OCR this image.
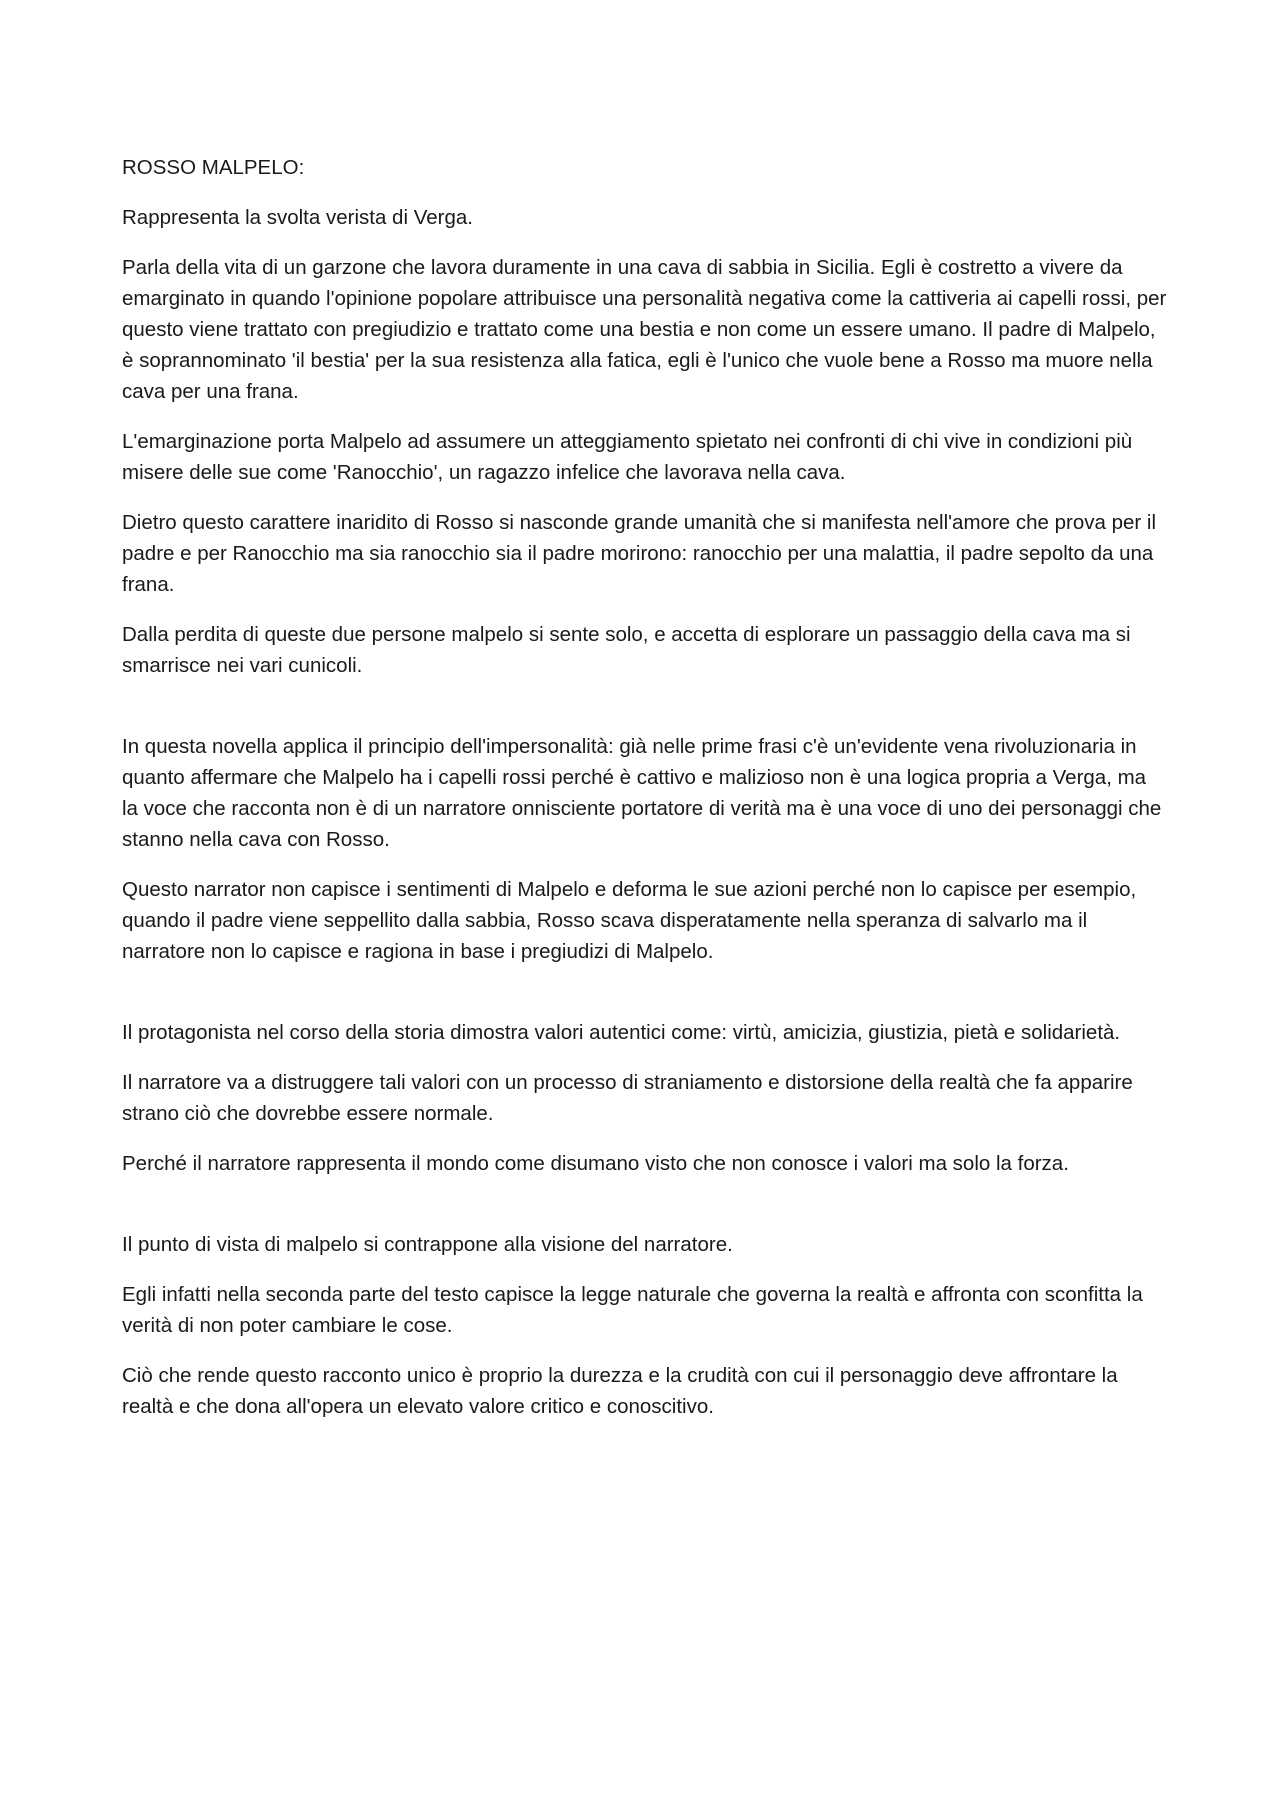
ROSSO MALPELO:

Rappresenta la svolta verista di Verga.

Parla della vita di un garzone che lavora duramente in una cava di sabbia in Sicilia. Egli è costretto a vivere da emarginato in quando l'opinione popolare attribuisce una personalità negativa come la cattiveria ai capelli rossi, per questo viene trattato con pregiudizio e trattato come una bestia e non come un essere umano. Il padre di Malpelo, è soprannominato 'il bestia' per la sua resistenza alla fatica, egli è l'unico che vuole bene a Rosso ma muore nella cava per una frana.

L'emarginazione porta Malpelo ad assumere un atteggiamento spietato nei confronti di chi vive in condizioni più misere delle sue come 'Ranocchio', un ragazzo infelice che lavorava nella cava.

Dietro questo carattere inaridito di Rosso si nasconde grande umanità che si manifesta nell'amore che prova per il padre e per Ranocchio ma sia ranocchio sia il padre morirono: ranocchio per una malattia, il padre sepolto da una frana.

Dalla perdita di queste due persone malpelo si sente solo, e accetta di esplorare un passaggio della cava ma si smarrisce nei vari cunicoli.

In questa novella applica il principio dell'impersonalità: già nelle prime frasi c'è un'evidente vena rivoluzionaria in quanto affermare che Malpelo ha i capelli rossi perché è cattivo e malizioso non è una logica propria a Verga, ma la voce che racconta non è di un narratore onnisciente portatore di verità ma è una voce di uno dei personaggi che stanno nella cava con Rosso.

Questo narrator non capisce i sentimenti di Malpelo e deforma le sue azioni perché non lo capisce per esempio, quando il padre viene seppellito dalla sabbia, Rosso scava disperatamente nella speranza di salvarlo ma il narratore non lo capisce e ragiona in base i pregiudizi di Malpelo.

Il protagonista nel corso della storia dimostra valori autentici come: virtù, amicizia, giustizia, pietà e solidarietà.

Il narratore va a distruggere tali valori con un processo di straniamento e distorsione della realtà che fa apparire strano ciò che dovrebbe essere normale.

Perché il narratore rappresenta il mondo come disumano visto che non conosce i valori ma solo la forza.

Il punto di vista di malpelo si contrappone alla visione del narratore.

Egli infatti nella seconda parte del testo capisce la legge naturale che governa la realtà e affronta con sconfitta la verità di non poter cambiare le cose.

Ciò che rende questo racconto unico è proprio la durezza e la crudità con cui il personaggio deve affrontare la realtà e che dona all'opera un elevato valore critico e conoscitivo.
